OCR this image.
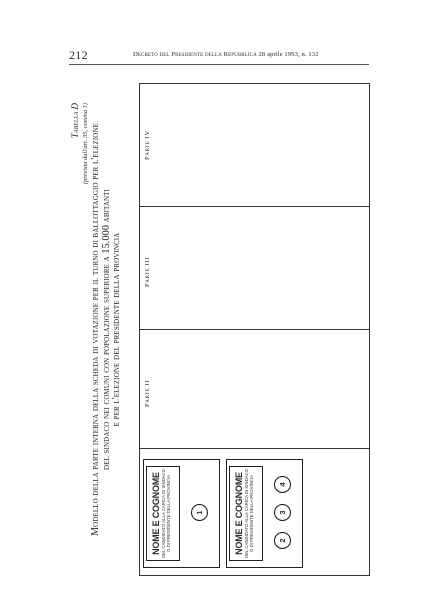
212	Decreto del Presidente della Repubblica 28 aprile 1993, n. 132
Tabella D (prevista dall'art. 35, comma 1) Modello della parte interna della scheda di votazione per il turno di ballottaggio per l'elezione del sindaco nei comuni con popolazione superiore a 15.000 abitanti e per l'elezione del presidente della provincia	Parte II
Parte III
Parte IV
NOME E COGNOME DEL CANDIDATO ALLA CARICA DI SINDACO O DI PRESIDENTE DELLA PROVINCIA	1	NOME E COGNOME DEL CANDIDATO ALLA CARICA DI SINDACO O DI PRESIDENTE DELLA PROVINCIA	2
3
4
